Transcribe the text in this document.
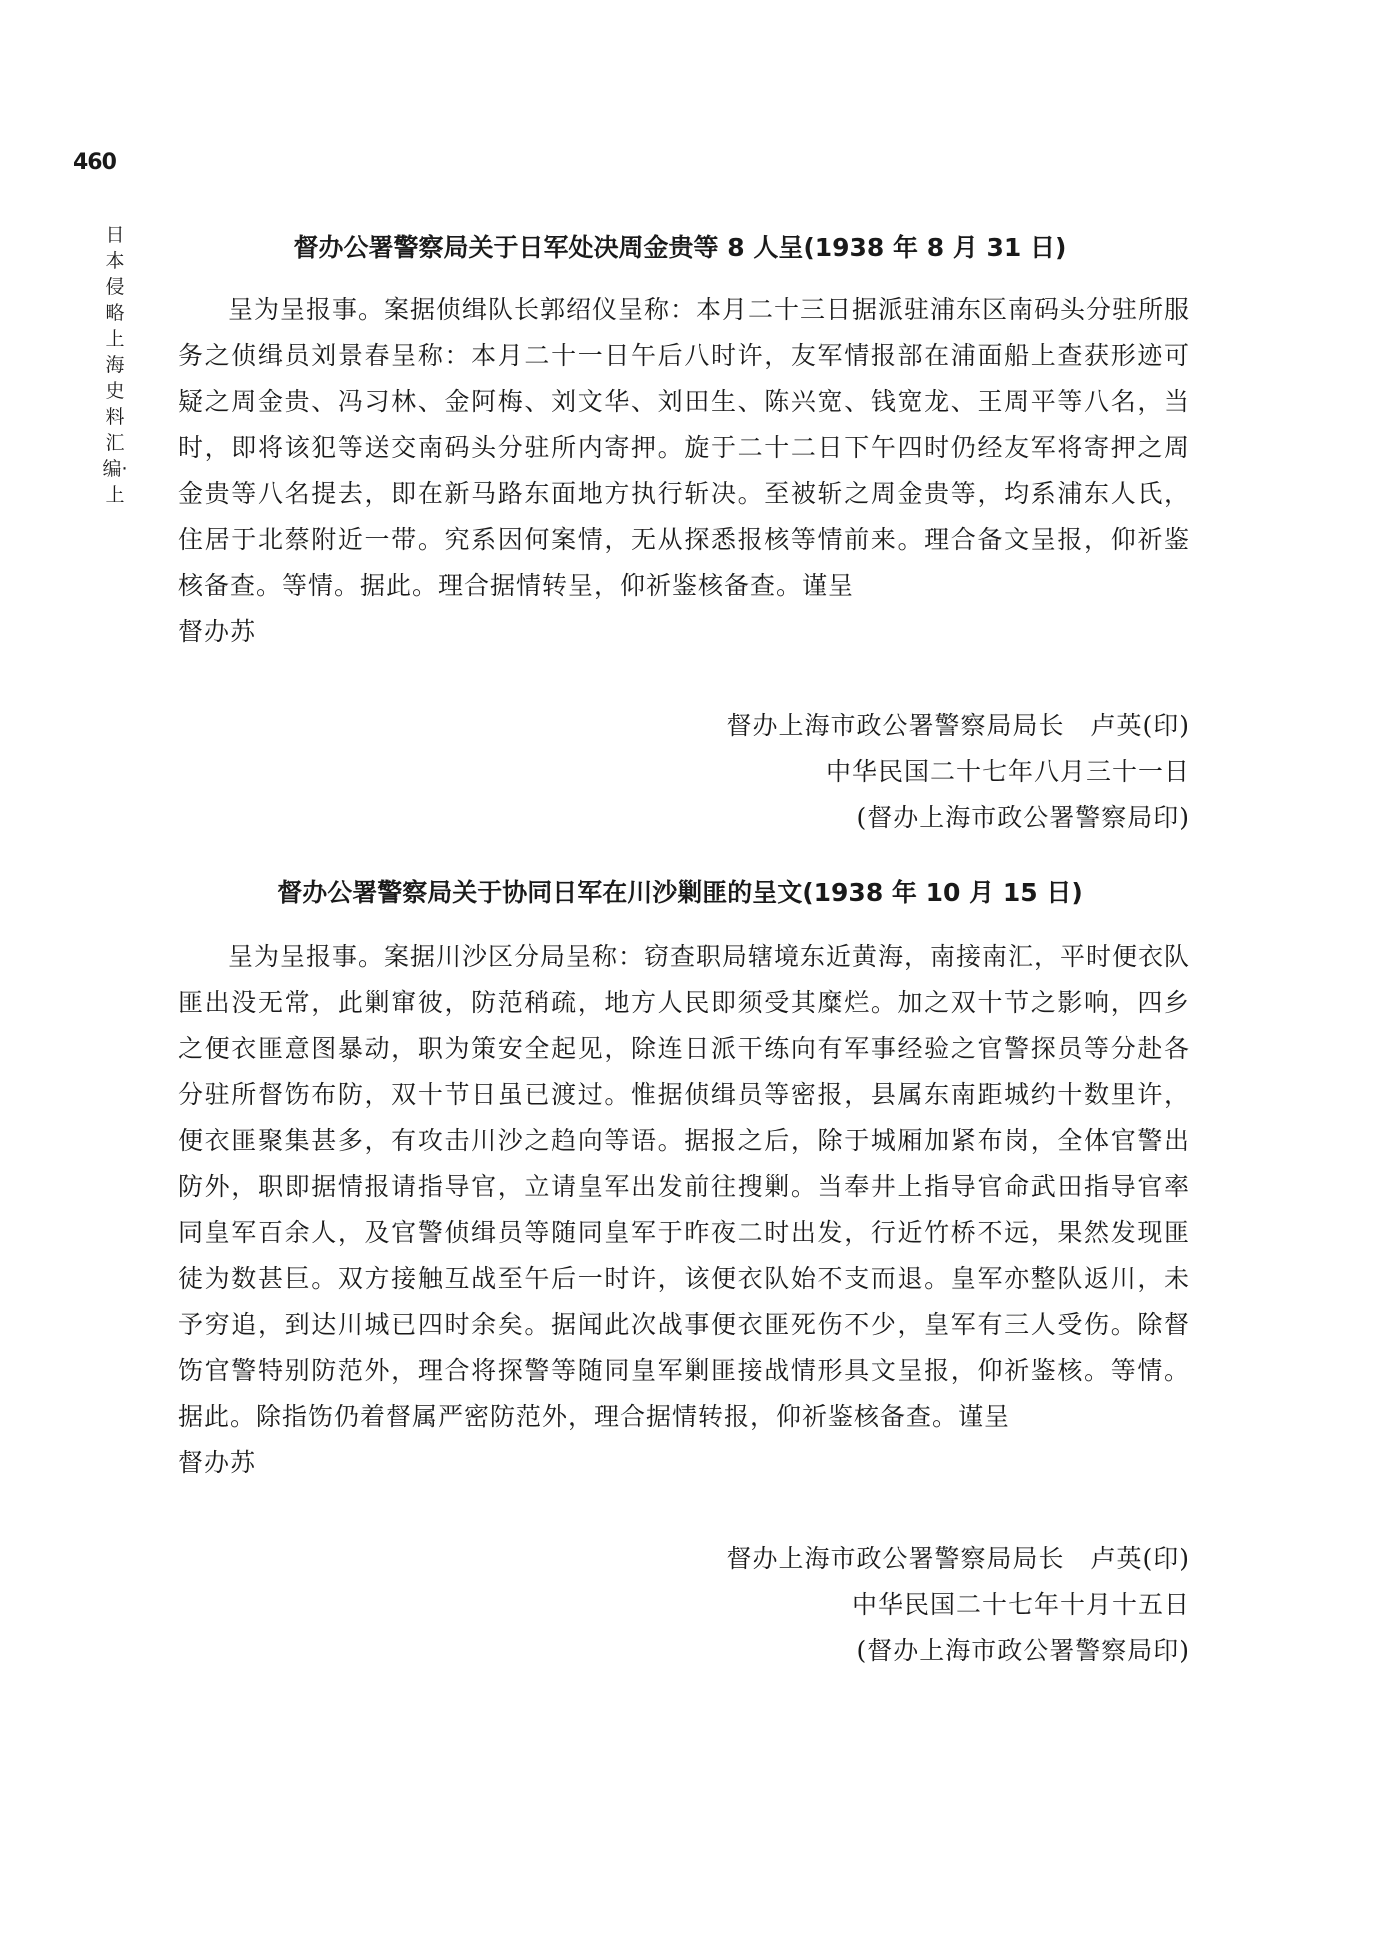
460
日本侵略上海史料汇编·上
督办公署警察局关于日军处决周金贵等 8 人呈(1938 年 8 月 31 日)

呈为呈报事。案据侦缉队长郭绍仪呈称：本月二十三日据派驻浦东区南码头分驻所服务之侦缉员刘景春呈称：本月二十一日午后八时许，友军情报部在浦面船上查获形迹可疑之周金贵、冯习林、金阿梅、刘文华、刘田生、陈兴宽、钱宽龙、王周平等八名，当时，即将该犯等送交南码头分驻所内寄押。旋于二十二日下午四时仍经友军将寄押之周金贵等八名提去，即在新马路东面地方执行斩决。至被斩之周金贵等，均系浦东人氏，住居于北蔡附近一带。究系因何案情，无从探悉报核等情前来。理合备文呈报，仰祈鉴核备查。等情。据此。理合据情转呈，仰祈鉴核备查。谨呈

督办苏

督办上海市政公署警察局局长　卢英(印)
中华民国二十七年八月三十一日
(督办上海市政公署警察局印)
督办公署警察局关于协同日军在川沙剿匪的呈文(1938 年 10 月 15 日)

呈为呈报事。案据川沙区分局呈称：窃查职局辖境东近黄海，南接南汇，平时便衣队匪出没无常，此剿窜彼，防范稍疏，地方人民即须受其糜烂。加之双十节之影响，四乡之便衣匪意图暴动，职为策安全起见，除连日派干练向有军事经验之官警探员等分赴各分驻所督饬布防，双十节日虽已渡过。惟据侦缉员等密报，县属东南距城约十数里许，便衣匪聚集甚多，有攻击川沙之趋向等语。据报之后，除于城厢加紧布岗，全体官警出防外，职即据情报请指导官，立请皇军出发前往搜剿。当奉井上指导官命武田指导官率同皇军百余人，及官警侦缉员等随同皇军于昨夜二时出发，行近竹桥不远，果然发现匪徒为数甚巨。双方接触互战至午后一时许，该便衣队始不支而退。皇军亦整队返川，未予穷追，到达川城已四时余矣。据闻此次战事便衣匪死伤不少，皇军有三人受伤。除督饬官警特别防范外，理合将探警等随同皇军剿匪接战情形具文呈报，仰祈鉴核。等情。据此。除指饬仍着督属严密防范外，理合据情转报，仰祈鉴核备查。谨呈

督办苏

督办上海市政公署警察局局长　卢英(印)
中华民国二十七年十月十五日
(督办上海市政公署警察局印)
